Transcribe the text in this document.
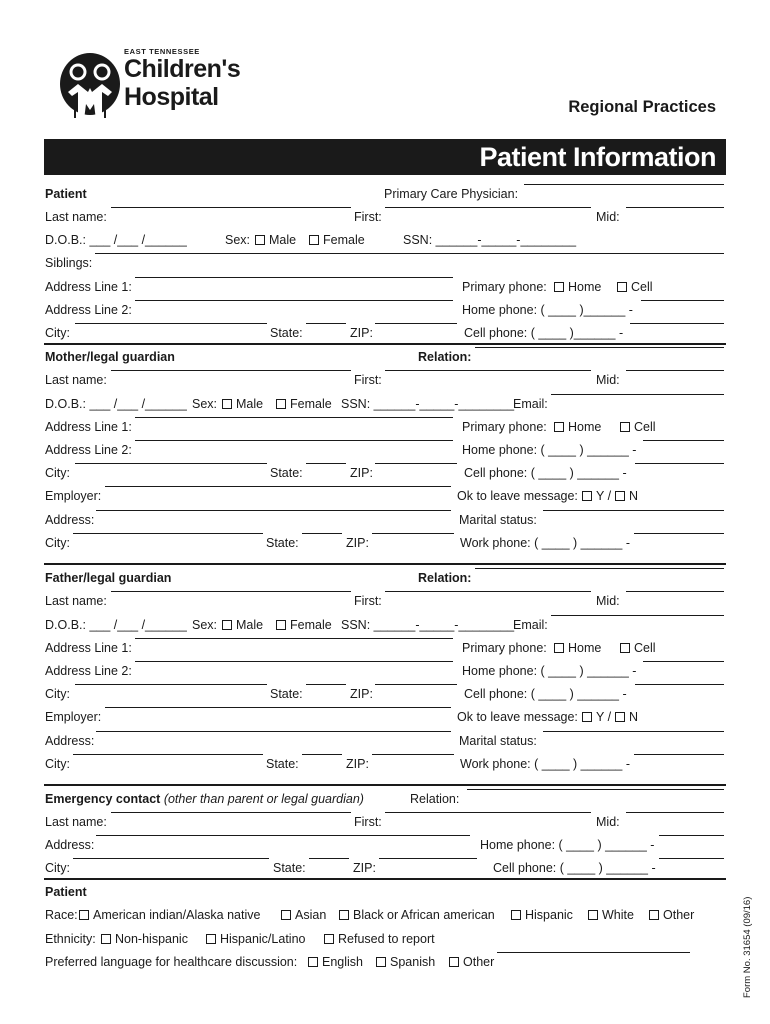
EAST TENNESSEE
Children's
Hospital	Regional Practices
Patient Information
Patient	Primary Care Physician:
Last name:	First:	Mid:
D.O.B.: ___ /___ /______	Sex:	Male	Female	SSN: ______-_____-________
Siblings:
Address Line 1:	Primary phone:	Home	Cell
Address Line 2:	Home phone: ( ____ )______ -
City:	State:	ZIP:	Cell phone: ( ____ )______ -
Mother/legal guardian	Relation:
Last name:	First:	Mid:
D.O.B.: ___ /___ /______ Sex:	Male	Female SSN: ______-_____-________
Email:
Address Line 1:	Primary phone:	Home	Cell
Address Line 2:	Home phone: ( ____ ) ______ -
City:	State:	ZIP:	Cell phone: ( ____ ) ______ -
Employer:	Ok to leave message:	Y /	N
Address:	Marital status:
City:	State:	ZIP:	Work phone: ( ____ ) ______ -
Father/legal guardian	Relation:
Last name:	First:	Mid:
D.O.B.: ___ /___ /______ Sex:	Male	Female SSN: ______-_____-________
Email:
Address Line 1:	Primary phone:	Home	Cell
Address Line 2:	Home phone: ( ____ ) ______ -
City:	State:	ZIP:	Cell phone: ( ____ ) ______ -
Employer:	Ok to leave message:	Y /	N
Address:	Marital status:
City:	State:	ZIP:	Work phone: ( ____ ) ______ -
Emergency contact (other than parent or legal guardian)	Relation:
Last name:	First:	Mid:
Address:	Home phone: ( ____ ) ______ -
City:	State:	ZIP:	Cell phone: ( ____ ) ______ -
Patient
Race:	American indian/Alaska native	Asian	Black or African american	Hispanic	White	Other
Ethnicity:	Non-hispanic	Hispanic/Latino	Refused to report
Preferred language for healthcare discussion:	English	Spanish	Other	Form No. 31654 (09/16)
